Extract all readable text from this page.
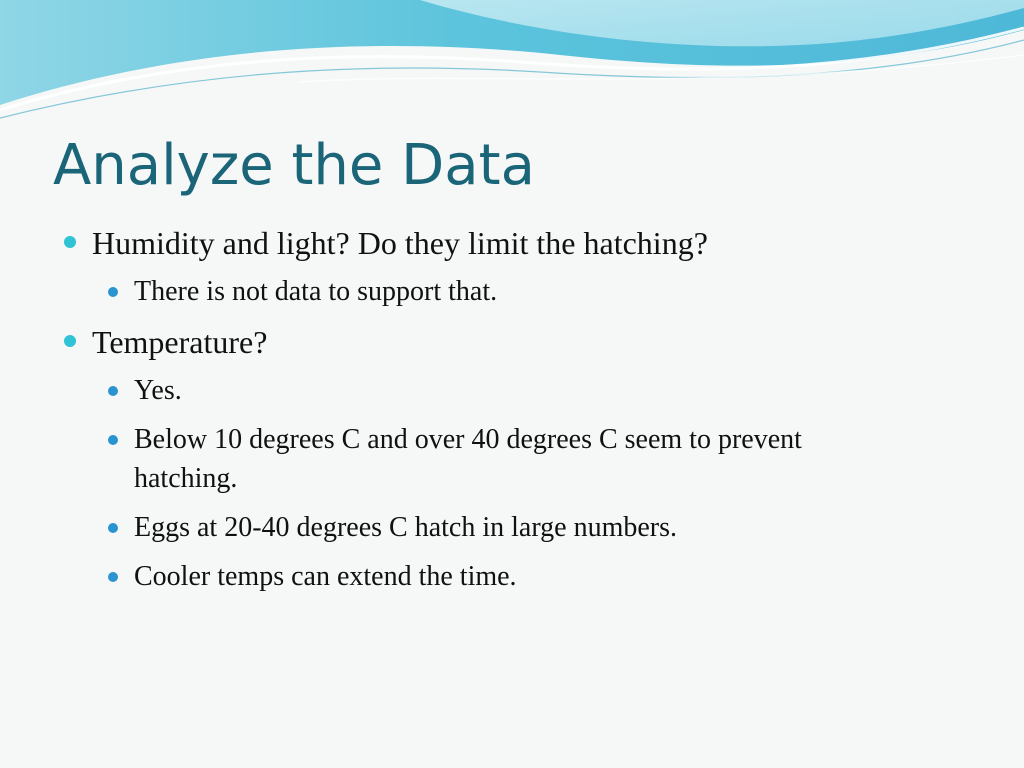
Analyze the Data
Humidity and light? Do they limit the hatching?
There is not data to support that.
Temperature?
Yes.
Below 10 degrees C and over 40 degrees C seem to prevent hatching.
Eggs at 20-40 degrees C hatch in large numbers.
Cooler temps can extend the time.
